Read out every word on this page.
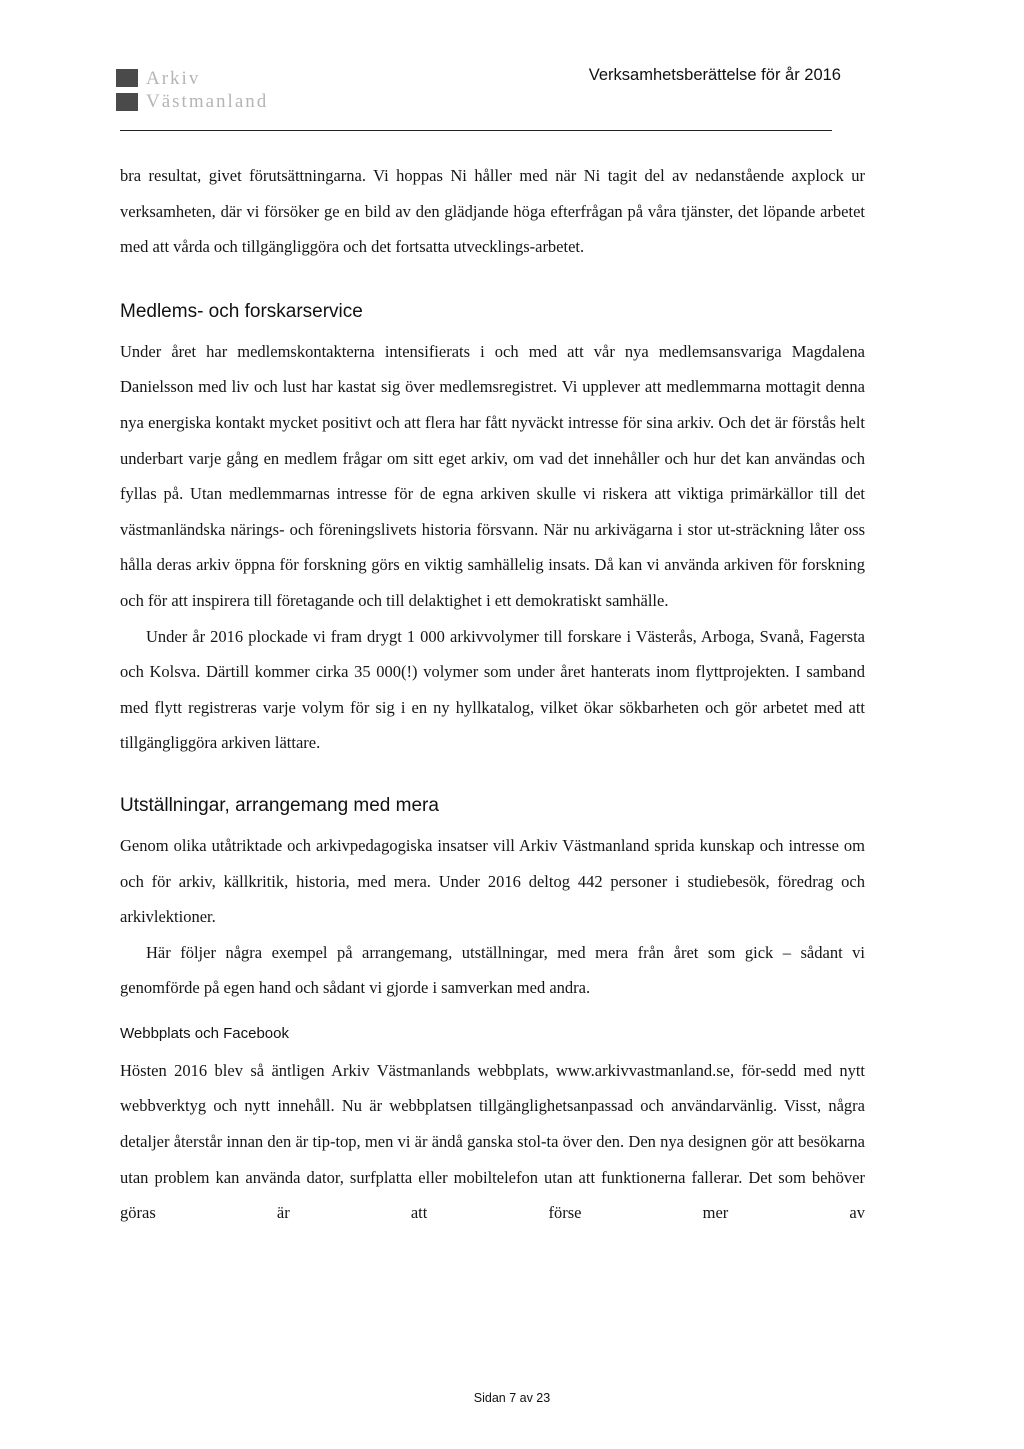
Arkiv
Västmanland
Verksamhetsberättelse för år 2016

bra resultat, givet förutsättningarna. Vi hoppas Ni håller med när Ni tagit del av nedanstående axplock ur verksamheten, där vi försöker ge en bild av den glädjande höga efterfrågan på våra tjänster, det löpande arbetet med att vårda och tillgängliggöra och det fortsatta utvecklings-arbetet.

Medlems- och forskarservice

Under året har medlemskontakterna intensifierats i och med att vår nya medlemsansvariga Magdalena Danielsson med liv och lust har kastat sig över medlemsregistret. Vi upplever att medlemmarna mottagit denna nya energiska kontakt mycket positivt och att flera har fått nyväckt intresse för sina arkiv. Och det är förstås helt underbart varje gång en medlem frågar om sitt eget arkiv, om vad det innehåller och hur det kan användas och fyllas på. Utan medlemmarnas intresse för de egna arkiven skulle vi riskera att viktiga primärkällor till det västmanländska närings- och föreningslivets historia försvann. När nu arkivägarna i stor ut-sträckning låter oss hålla deras arkiv öppna för forskning görs en viktig samhällelig insats. Då kan vi använda arkiven för forskning och för att inspirera till företagande och till delaktighet i ett demokratiskt samhälle.

Under år 2016 plockade vi fram drygt 1 000 arkivvolymer till forskare i Västerås, Arboga, Svanå, Fagersta och Kolsva. Därtill kommer cirka 35 000(!) volymer som under året hanterats inom flyttprojekten. I samband med flytt registreras varje volym för sig i en ny hyllkatalog, vilket ökar sökbarheten och gör arbetet med att tillgängliggöra arkiven lättare.

Utställningar, arrangemang med mera

Genom olika utåtriktade och arkivpedagogiska insatser vill Arkiv Västmanland sprida kunskap och intresse om och för arkiv, källkritik, historia, med mera. Under 2016 deltog 442 personer i studiebesök, föredrag och arkivlektioner.

Här följer några exempel på arrangemang, utställningar, med mera från året som gick – sådant vi genomförde på egen hand och sådant vi gjorde i samverkan med andra.

Webbplats och Facebook

Hösten 2016 blev så äntligen Arkiv Västmanlands webbplats, www.arkivvastmanland.se, för-sedd med nytt webbverktyg och nytt innehåll. Nu är webbplatsen tillgänglighetsanpassad och användarvänlig. Visst, några detaljer återstår innan den är tip-top, men vi är ändå ganska stol-ta över den. Den nya designen gör att besökarna utan problem kan använda dator, surfplatta eller mobiltelefon utan att funktionerna fallerar. Det som behöver göras är att förse mer av

Sidan 7 av 23
